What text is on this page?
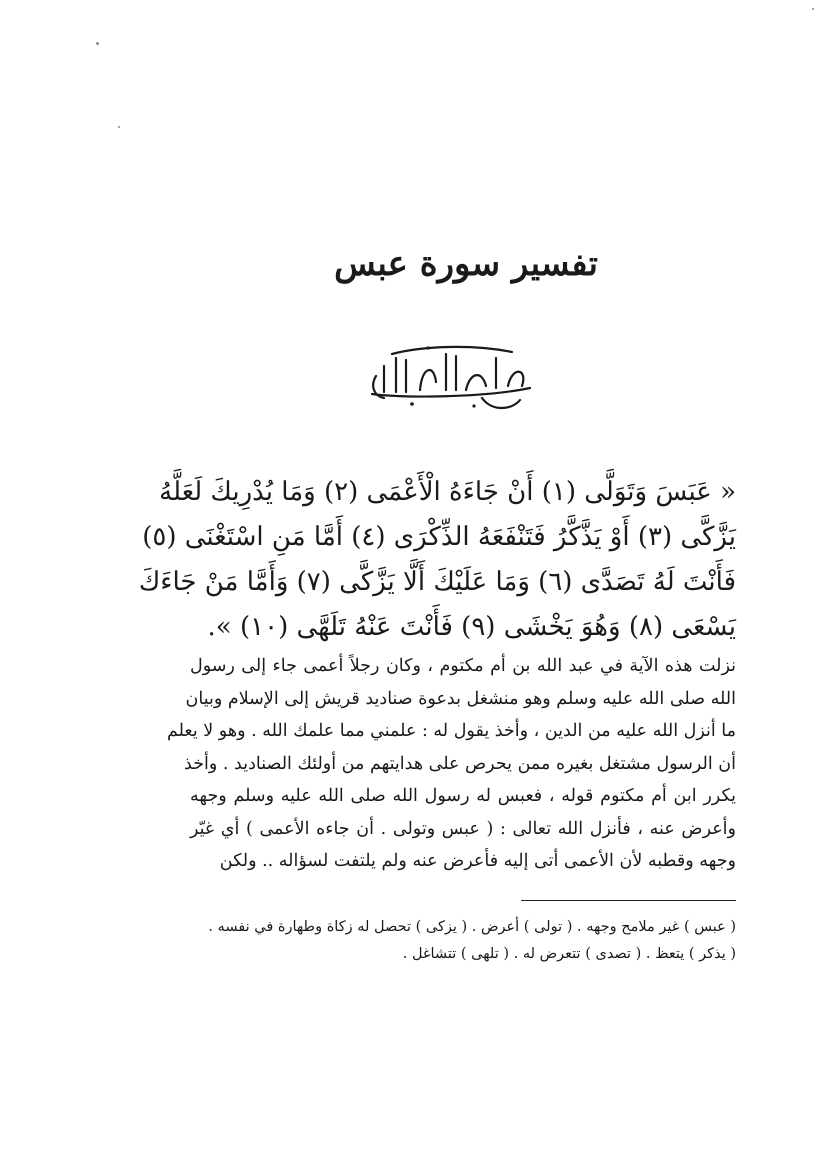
تفسير سورة عبس
« عَبَسَ وَتَوَلَّى (١) أَنْ جَاءَهُ الْأَعْمَى (٢) وَمَا يُدْرِيكَ لَعَلَّهُ
يَزَّكَّى (٣) أَوْ يَذَّكَّرُ فَتَنْفَعَهُ الذِّكْرَى (٤) أَمَّا مَنِ اسْتَغْنَى (٥)
فَأَنْتَ لَهُ تَصَدَّى (٦) وَمَا عَلَيْكَ أَلَّا يَزَّكَّى (٧) وَأَمَّا مَنْ جَاءَكَ
يَسْعَى (٨) وَهُوَ يَخْشَى (٩) فَأَنْتَ عَنْهُ تَلَهَّى (١٠) ».
نزلت هذه الآية في عبد الله بن أم مكتوم ، وكان رجلاً أعمى جاء إلى رسول
الله صلى الله عليه وسلم وهو منشغل بدعوة صناديد قريش إلى الإسلام وبيان
ما أنزل الله عليه من الدين ، وأخذ يقول له : علمني مما علمك الله . وهو لا يعلم
أن الرسول مشتغل بغيره ممن يحرص على هدايتهم من أولئك الصناديد . وأخذ
يكرر ابن أم مكتوم قوله ، فعبس له رسول الله صلى الله عليه وسلم وجهه
وأعرض عنه ، فأنزل الله تعالى : ( عبس وتولى . أن جاءه الأعمى ) أي غيّر
وجهه وقطبه لأن الأعمى أتى إليه فأعرض عنه ولم يلتفت لسؤاله .. ولكن
( عبس ) غير ملامح وجهه . ( تولى ) أعرض . ( يزكى ) تحصل له زكاة وطهارة في نفسه .
( يذكر ) يتعظ . ( تصدى ) تتعرض له . ( تلهى ) تتشاغل .
